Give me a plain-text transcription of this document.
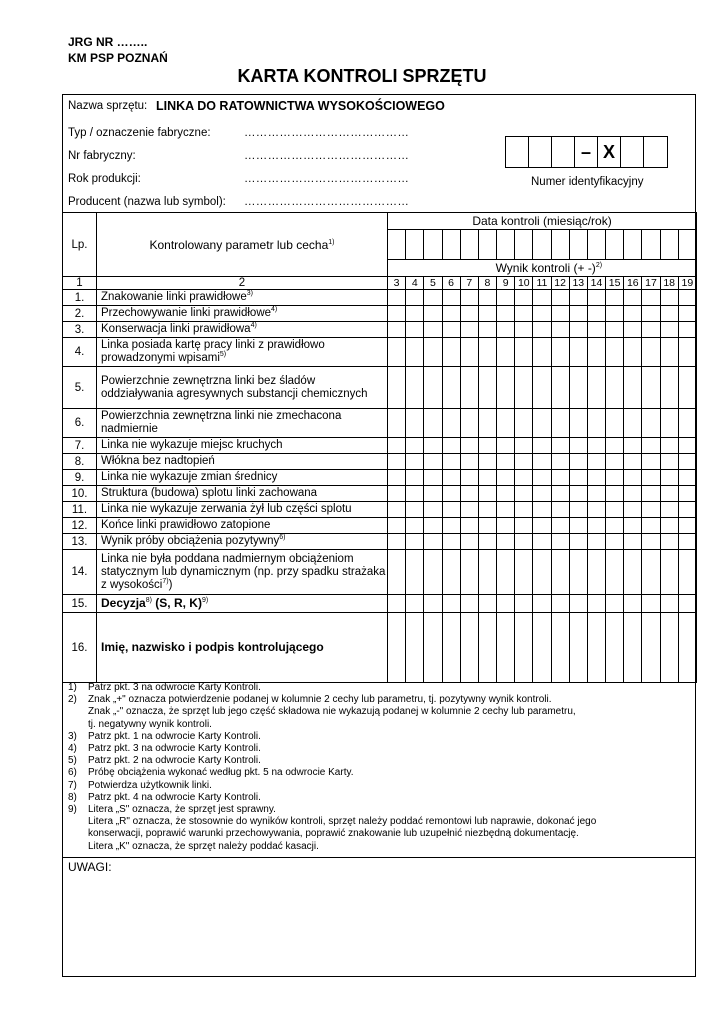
JRG NR ……..
KM PSP POZNAŃ
KARTA KONTROLI SPRZĘTU
Nazwa sprzętu: LINKA DO RATOWNICTWA WYSOKOŚCIOWEGO
Typ / oznaczenie fabryczne:	……………………………………
Nr fabryczny:	……………………………………
Rok produkcji:	……………………………………
Producent (nazwa lub symbol): ……………………………………
– X
Numer identyfikacyjny
Lp.	Kontrolowany parametr lub cecha$^{1)}$	Data kontroli (miesiąc/rok)																

		Wynik kontroli (+ -)$^{2)}$
1	2	3	4	5	6	7	8	9	10	11	12	13	14	15	16	17	18	19
1.	Znakowanie linki prawidłowe$^{3)}$																	
2.	Przechowywanie linki prawidłowe$^{4)}$																	
3.	Konserwacja linki prawidłowa$^{4)}$																	
4.	Linka posiada kartę pracy linki z prawidłowo prowadzonymi wpisami$^{5)}$																	
5.	Powierzchnie zewnętrzna linki bez śladów oddziaływania agresywnych substancji chemicznych																	
6.	Powierzchnia zewnętrzna linki nie zmechacona nadmiernie																	
7.	Linka nie wykazuje miejsc kruchych																	
8.	Włókna bez nadtopień																	
9.	Linka nie wykazuje zmian średnicy																	
10.	Struktura (budowa) splotu linki zachowana																	
11.	Linka nie wykazuje zerwania żył lub części splotu																	
12.	Końce linki prawidłowo zatopione																	
13.	Wynik próby obciążenia pozytywny$^{6)}$																	
14.	Linka nie była poddana nadmiernym obciążeniom statycznym lub dynamicznym (np. przy spadku strażaka z wysokości$^{7)}$)																	
15.	Decyzja$^{8)}$ (S, R, K)$^{9)}$																	
16.	Imię, nazwisko i podpis kontrolującego																	
1)	Patrz pkt. 3 na odwrocie Karty Kontroli.
2)	Znak „+" oznacza potwierdzenie podanej w kolumnie 2 cechy lub parametru, tj. pozytywny wynik kontroli.
Znak „-" oznacza, że sprzęt lub jego część składowa nie wykazują podanej w kolumnie 2 cechy lub parametru,
tj. negatywny wynik kontroli.
3)	Patrz pkt. 1 na odwrocie Karty Kontroli.
4)	Patrz pkt. 3 na odwrocie Karty Kontroli.
5)	Patrz pkt. 2 na odwrocie Karty Kontroli.
6)	Próbę obciążenia wykonać według pkt. 5 na odwrocie Karty.
7)	Potwierdza użytkownik linki.
8)	Patrz pkt. 4 na odwrocie Karty Kontroli.
9)	Litera „S" oznacza, że sprzęt jest sprawny.
Litera „R" oznacza, że stosownie do wyników kontroli, sprzęt należy poddać remontowi lub naprawie, dokonać jego
konserwacji, poprawić warunki przechowywania, poprawić znakowanie lub uzupełnić niezbędną dokumentację.
Litera „K" oznacza, że sprzęt należy poddać kasacji.
UWAGI:
